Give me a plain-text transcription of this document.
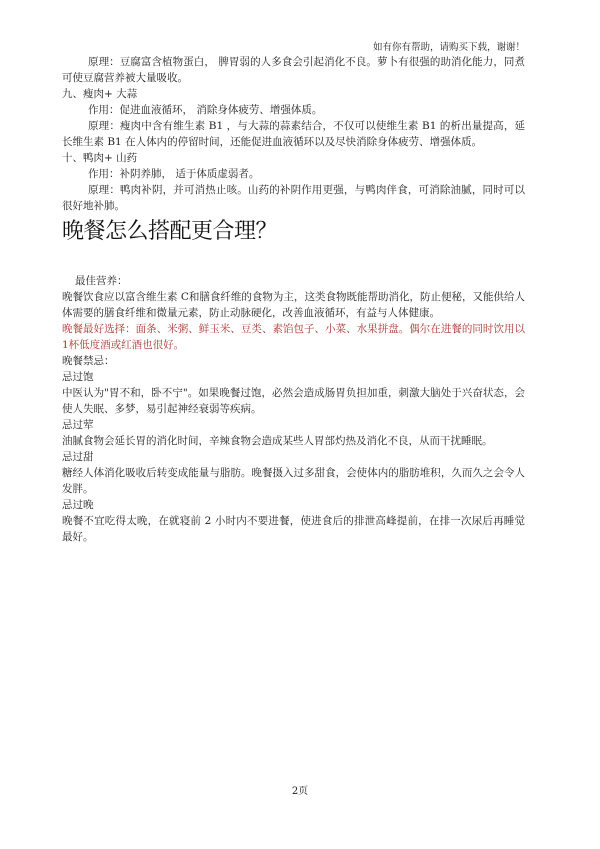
如有你有帮助，请购买下载，谢谢！

原理：豆腐富含植物蛋白， 脾胃弱的人多食会引起消化不良。萝卜有很强的助消化能力，同煮可使豆腐营养被大量吸收。

九、瘦肉+ 大蒜

作用：促进血液循环， 消除身体疲劳、增强体质。

原理：瘦肉中含有维生素 B1 ，与大蒜的蒜素结合，不仅可以使维生素 B1 的析出量提高，延长维生素 B1 在人体内的停留时间，还能促进血液循环以及尽快消除身体疲劳、增强体质。

十、鸭肉+ 山药

作用：补阴养肺， 适于体质虚弱者。

原理：鸭肉补阴，并可消热止咳。山药的补阴作用更强，与鸭肉伴食，可消除油腻，同时可以很好地补肺。

晚餐怎么搭配更合理？

最佳营养：

晚餐饮食应以富含维生素 C和膳食纤维的食物为主，这类食物既能帮助消化，防止便秘，又能供给人体需要的膳食纤维和微量元素，防止动脉硬化，改善血液循环，有益与人体健康。

晚餐最好选择：面条、米粥、鲜玉米、豆类、素馅包子、小菜、水果拼盘。偶尔在进餐的同时饮用以1杯低度酒或红酒也很好。

晚餐禁忌：

忌过饱

中医认为"胃不和，卧不宁"。如果晚餐过饱，必然会造成肠胃负担加重，刺激大脑处于兴奋状态，会使人失眠、多梦，易引起神经衰弱等疾病。

忌过荤

油腻食物会延长胃的消化时间，辛辣食物会造成某些人胃部灼热及消化不良，从而干扰睡眠。

忌过甜

糖经人体消化吸收后转变成能量与脂肪。晚餐摄入过多甜食，会使体内的脂肪堆积，久而久之会令人发胖。

忌过晚

晚餐不宜吃得太晚，在就寝前 2 小时内不要进餐，使进食后的排泄高峰提前，在排一次尿后再睡觉最好。

2页
